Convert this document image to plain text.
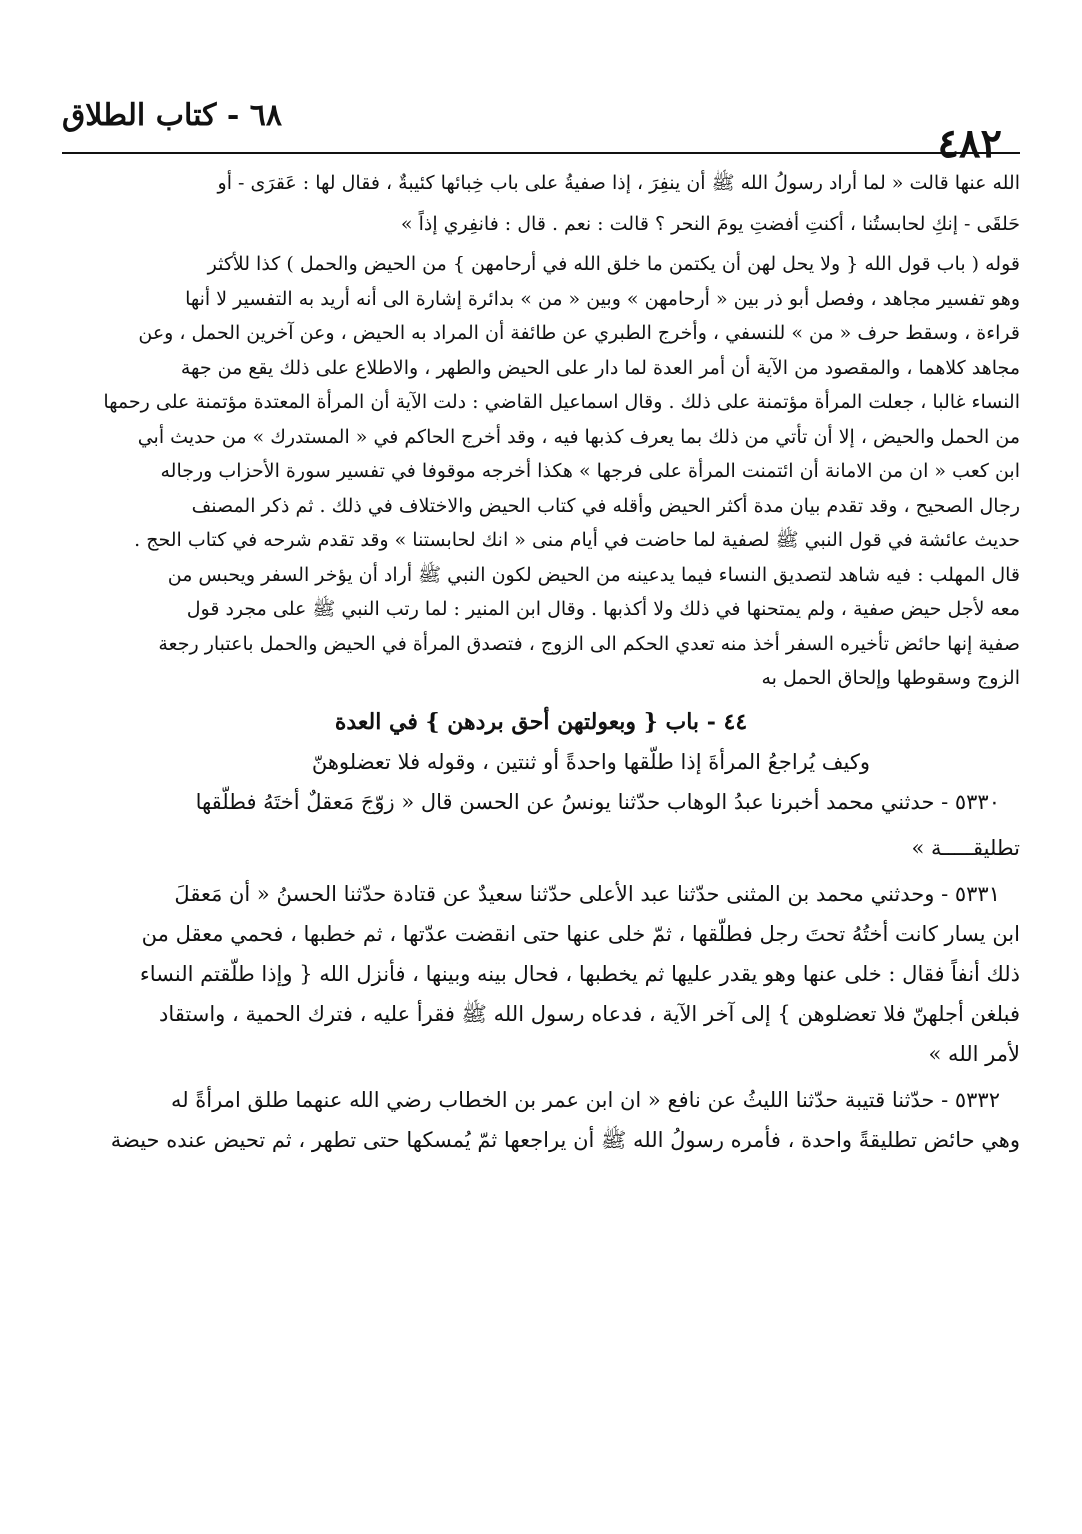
٦٨ - كتاب الطلاق
٤٨٢
الله عنها قالت « لما أراد رسولُ الله ﷺ أن ينفِرَ ، إذا صفيةُ على باب خِبائها كئيبةٌ ، فقال لها : عَقرَى - أو
حَلقَى - إنكِ لحابستُنا ، أكنتِ أفضتِ يومَ النحر ؟ قالت : نعم . قال : فانفِري إذاً »
قوله ( باب قول الله { ولا يحل لهن أن يكتمن ما خلق الله في أرحامهن } من الحيض والحمل ) كذا للأكثر
وهو تفسير مجاهد ، وفصل أبو ذر بين « أرحامهن » وبين « من » بدائرة إشارة الى أنه أريد به التفسير لا أنها
قراءة ، وسقط حرف « من » للنسفي ، وأخرج الطبري عن طائفة أن المراد به الحيض ، وعن آخرين الحمل ، وعن
مجاهد كلاهما ، والمقصود من الآية أن أمر العدة لما دار على الحيض والطهر ، والاطلاع على ذلك يقع من جهة
النساء غالبا ، جعلت المرأة مؤتمنة على ذلك . وقال اسماعيل القاضي : دلت الآية أن المرأة المعتدة مؤتمنة على رحمها
من الحمل والحيض ، إلا أن تأتي من ذلك بما يعرف كذبها فيه ، وقد أخرج الحاكم في « المستدرك » من حديث أبي
ابن كعب « ان من الامانة أن ائتمنت المرأة على فرجها » هكذا أخرجه موقوفا في تفسير سورة الأحزاب ورجاله
رجال الصحيح ، وقد تقدم بيان مدة أكثر الحيض وأقله في كتاب الحيض والاختلاف في ذلك . ثم ذكر المصنف
حديث عائشة في قول النبي ﷺ لصفية لما حاضت في أيام منى « انك لحابستنا » وقد تقدم شرحه في كتاب الحج .
قال المهلب : فيه شاهد لتصديق النساء فيما يدعينه من الحيض لكون النبي ﷺ أراد أن يؤخر السفر ويحبس من
معه لأجل حيض صفية ، ولم يمتحنها في ذلك ولا أكذبها . وقال ابن المنير : لما رتب النبي ﷺ على مجرد قول
صفية إنها حائض تأخيره السفر أخذ منه تعدي الحكم الى الزوج ، فتصدق المرأة في الحيض والحمل باعتبار رجعة
الزوج وسقوطها وإلحاق الحمل به
٤٤ - باب { وبعولتهن أحق بردهن } في العدة
وكيف يُراجعُ المرأةَ إذا طلّقها واحدةً أو ثنتين ، وقوله فلا تعضلوهنّ
٥٣٣٠ - حدثني محمد أخبرنا عبدُ الوهاب حدّثنا يونسُ عن الحسن قال « زوّجَ مَعقلٌ أختَهُ فطلّقها
تطليقـــــة »
٥٣٣١ - وحدثني محمد بن المثنى حدّثنا عبد الأعلى حدّثنا سعيدٌ عن قتادة حدّثنا الحسنُ « أن مَعقلَ
ابن يسار كانت أختُهُ تحتَ رجل فطلّقها ، ثمّ خلى عنها حتى انقضت عدّتها ، ثم خطبها ، فحمي معقل من
ذلك أنفاً فقال : خلى عنها وهو يقدر عليها ثم يخطبها ، فحال بينه وبينها ، فأنزل الله { وإذا طلّقتم النساء
فبلغن أجلهنّ فلا تعضلوهن } إلى آخر الآية ، فدعاه رسول الله ﷺ فقرأ عليه ، فترك الحمية ، واستقاد
لأمر الله »
٥٣٣٢ - حدّثنا قتيبة حدّثنا الليثُ عن نافع « ان ابن عمر بن الخطاب رضي الله عنهما طلق امرأةً له
وهي حائض تطليقةً واحدة ، فأمره رسولُ الله ﷺ أن يراجعها ثمّ يُمسكها حتى تطهر ، ثم تحيض عنده حيضة
